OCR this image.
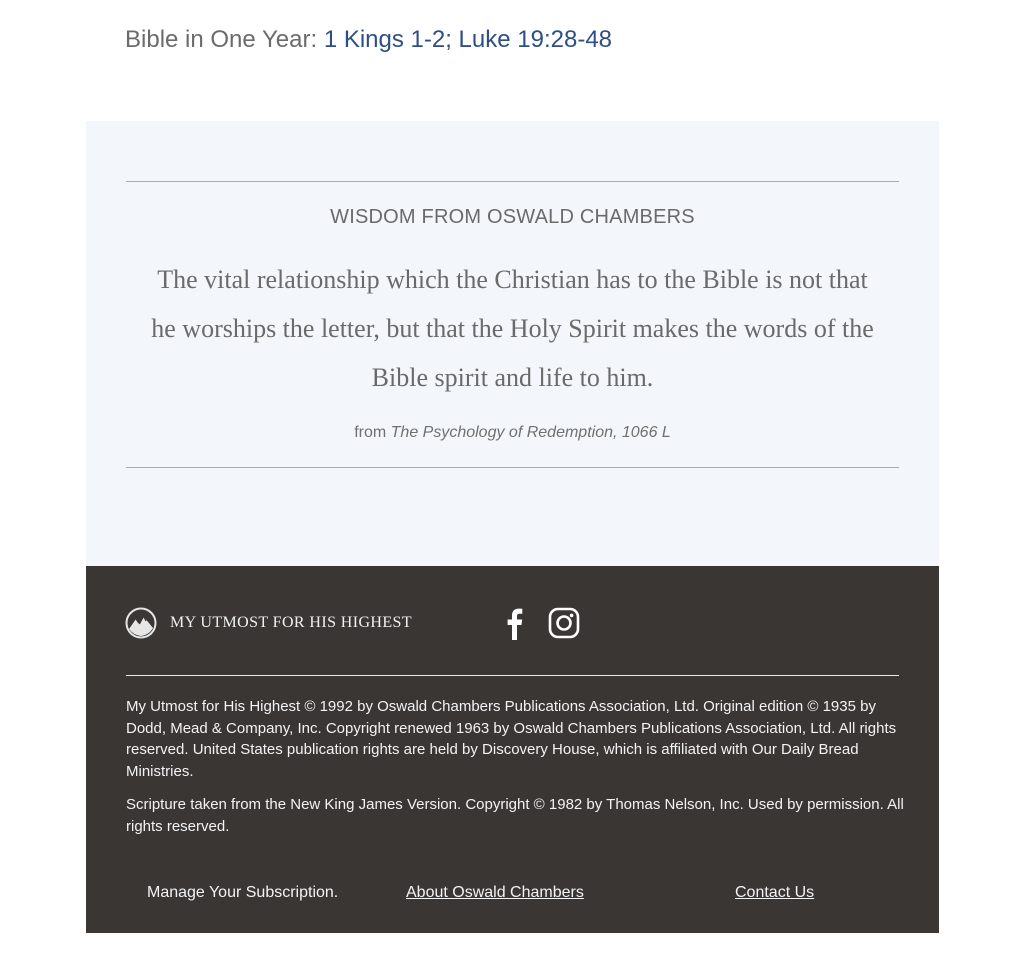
Bible in One Year: 1 Kings 1-2; Luke 19:28-48
WISDOM FROM OSWALD CHAMBERS
The vital relationship which the Christian has to the Bible is not that he worships the letter, but that the Holy Spirit makes the words of the Bible spirit and life to him.
from The Psychology of Redemption, 1066 L
MY UTMOST FOR HIS HIGHEST

My Utmost for His Highest © 1992 by Oswald Chambers Publications Association, Ltd. Original edition © 1935 by Dodd, Mead & Company, Inc. Copyright renewed 1963 by Oswald Chambers Publications Association, Ltd. All rights reserved. United States publication rights are held by Discovery House, which is affiliated with Our Daily Bread Ministries.

Scripture taken from the New King James Version. Copyright © 1982 by Thomas Nelson, Inc. Used by permission. All rights reserved.

Manage Your Subscription.	About Oswald Chambers	Contact Us
